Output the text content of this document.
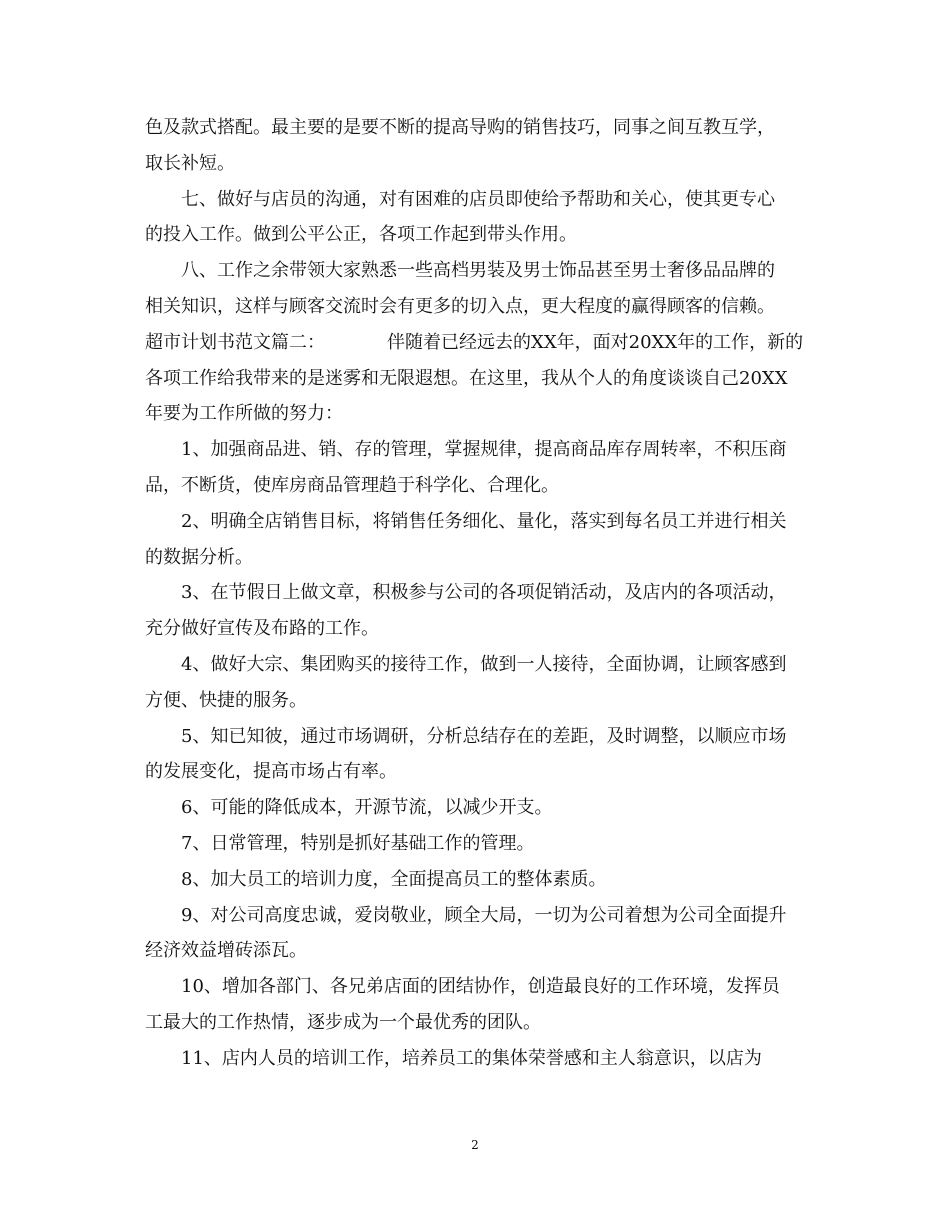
色及款式搭配。最主要的是要不断的提高导购的销售技巧，同事之间互教互学，
取长补短。
七、做好与店员的沟通，对有困难的店员即使给予帮助和关心，使其更专心
的投入工作。做到公平公正，各项工作起到带头作用。
八、工作之余带领大家熟悉一些高档男装及男士饰品甚至男士奢侈品品牌的
相关知识，这样与顾客交流时会有更多的切入点，更大程度的赢得顾客的信赖。
超市计划书范文篇二：	伴随着已经远去的XX年，面对20XX年的工作，新的
各项工作给我带来的是迷雾和无限遐想。在这里，我从个人的角度谈谈自己20XX
年要为工作所做的努力：
1、加强商品进、销、存的管理，掌握规律，提高商品库存周转率，不积压商
品，不断货，使库房商品管理趋于科学化、合理化。
2、明确全店销售目标，将销售任务细化、量化，落实到每名员工并进行相关
的数据分析。
3、在节假日上做文章，积极参与公司的各项促销活动，及店内的各项活动，
充分做好宣传及布路的工作。
4、做好大宗、集团购买的接待工作，做到一人接待，全面协调，让顾客感到
方便、快捷的服务。
5、知已知彼，通过市场调研，分析总结存在的差距，及时调整，以顺应市场
的发展变化，提高市场占有率。
6、可能的降低成本，开源节流，以减少开支。
7、日常管理，特别是抓好基础工作的管理。
8、加大员工的培训力度，全面提高员工的整体素质。
9、对公司高度忠诚，爱岗敬业，顾全大局，一切为公司着想为公司全面提升
经济效益增砖添瓦。
10、增加各部门、各兄弟店面的团结协作，创造最良好的工作环境，发挥员
工最大的工作热情，逐步成为一个最优秀的团队。
11、店内人员的培训工作，培养员工的集体荣誉感和主人翁意识，以店为
2
